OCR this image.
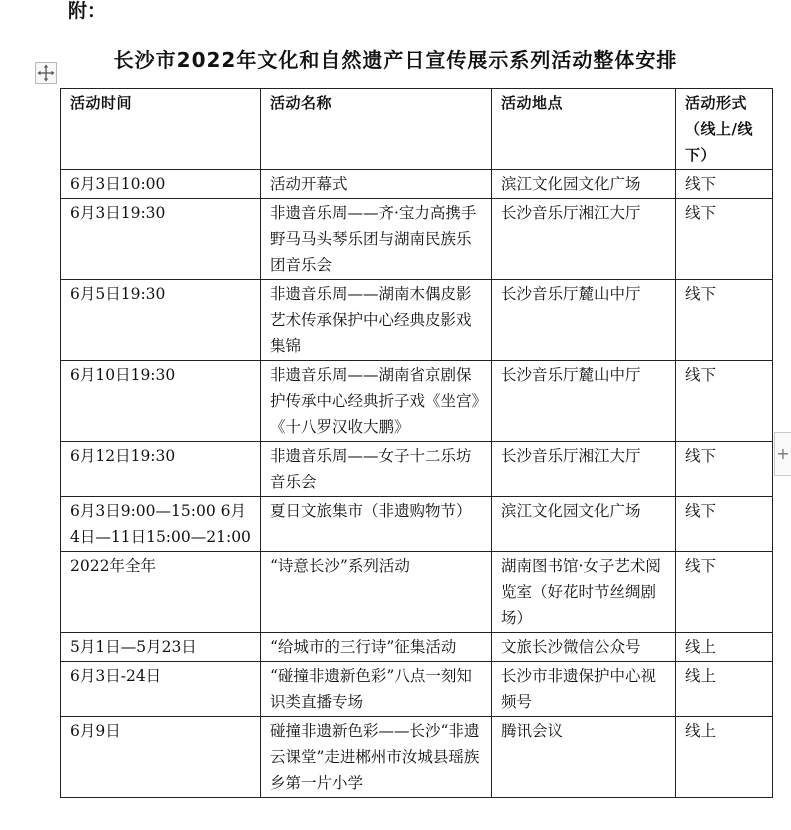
附：
长沙市2022年文化和自然遗产日宣传展示系列活动整体安排
活动时间	活动名称	活动地点	活动形式（线上/线下）
6月3日10:00	活动开幕式	滨江文化园文化广场	线下
6月3日19:30	非遗音乐周——齐·宝力高携手野马马头琴乐团与湖南民族乐团音乐会	长沙音乐厅湘江大厅	线下
6月5日19:30	非遗音乐周——湖南木偶皮影艺术传承保护中心经典皮影戏集锦	长沙音乐厅麓山中厅	线下
6月10日19:30	非遗音乐周——湖南省京剧保护传承中心经典折子戏《坐宫》《十八罗汉收大鹏》	长沙音乐厅麓山中厅	线下
6月12日19:30	非遗音乐周——女子十二乐坊音乐会	长沙音乐厅湘江大厅	线下
6月3日9:00—15:00 6月4日—11日15:00—21:00	夏日文旅集市（非遗购物节）	滨江文化园文化广场	线下
2022年全年	“诗意长沙”系列活动	湖南图书馆·女子艺术阅览室（好花时节丝绸剧场）	线下
5月1日—5月23日	“给城市的三行诗”征集活动	文旅长沙微信公众号	线上
6月3日-24日	“碰撞非遗新色彩”八点一刻知识类直播专场	长沙市非遗保护中心视频号	线上
6月9日	碰撞非遗新色彩——长沙“非遗云课堂”走进郴州市汝城县瑶族乡第一片小学	腾讯会议	线上
+
